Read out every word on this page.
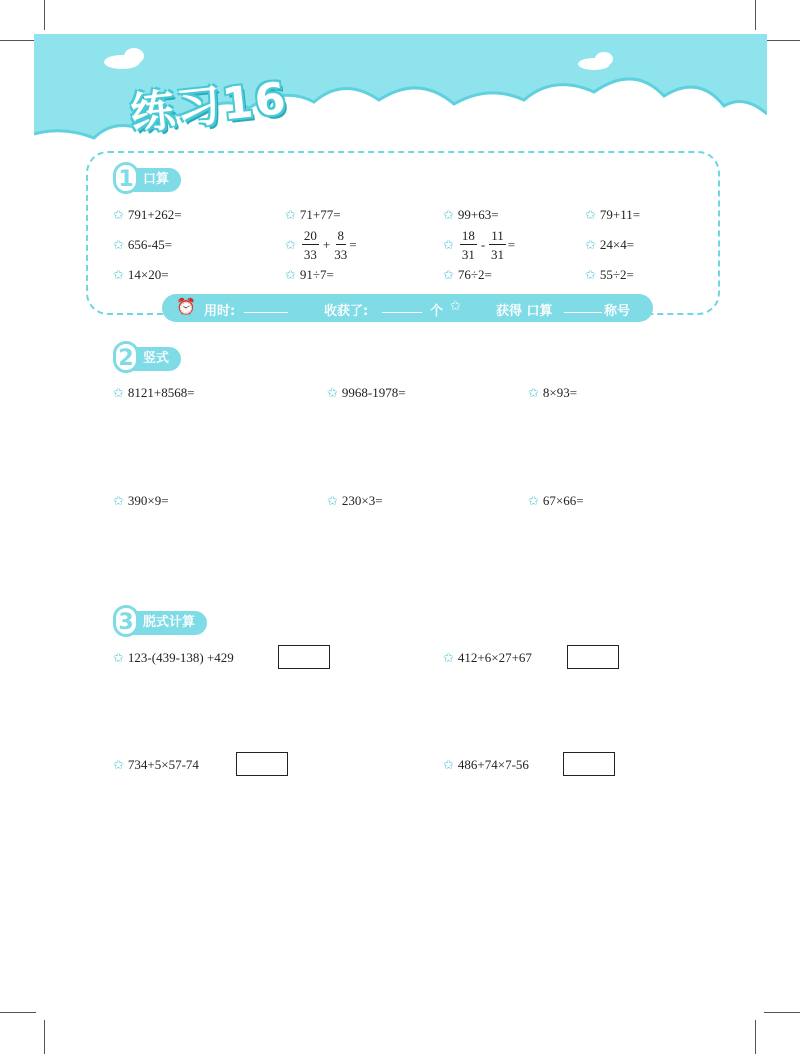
练习16
1 口算
✩ 791+262=	✩ 71+77=	✩ 99+63=	✩ 79+11=
✩ 656-45=	✩ $\frac{20}{33} + \frac{8}{33}$ =	✩ $\frac{18}{31} - \frac{11}{31}$ =	✩ 24×4=
✩ 14×20=	✩ 91÷7=	✩ 76÷2=	✩ 55÷2=
⏰ 用时:	收获了:	个 ✩	获得 口算	称号
2 竖式
✩ 8121+8568=	✩ 9968-1978=	✩ 8×93=
✩ 390×9=	✩ 230×3=	✩ 67×66=
3 脱式计算
✩ 123-(439-138) +429	✩ 412+6×27+67
✩ 734+5×57-74	✩ 486+74×7-56
